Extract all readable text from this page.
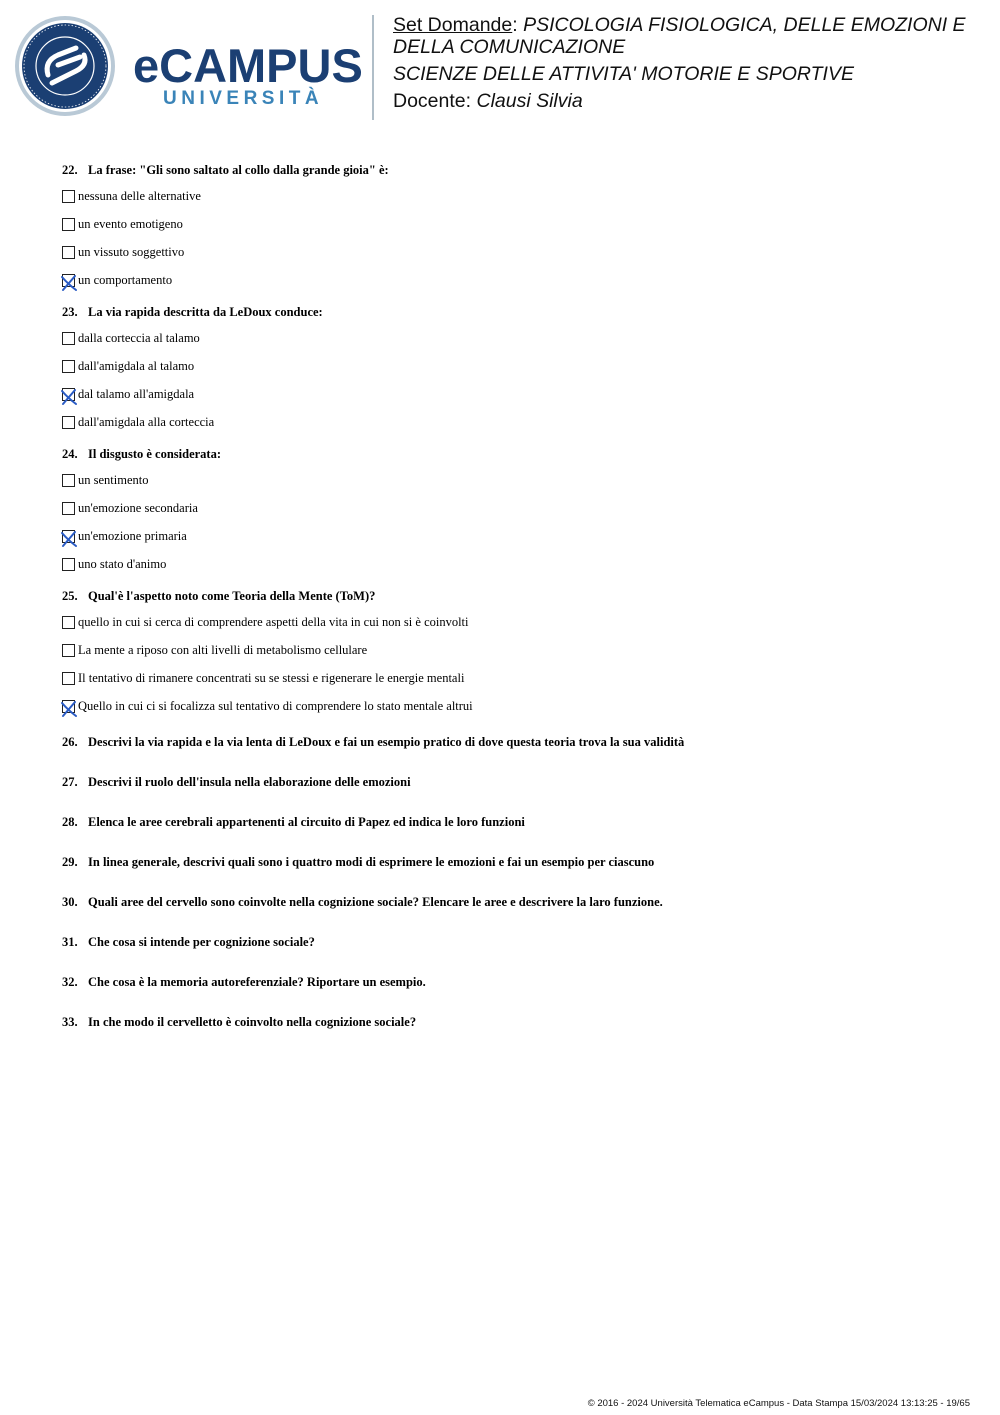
eCAMPUS
UNIVERSITÀ
Set Domande: PSICOLOGIA FISIOLOGICA, DELLE EMOZIONI E DELLA COMUNICAZIONE
SCIENZE DELLE ATTIVITA' MOTORIE E SPORTIVE
Docente: Clausi Silvia
22. La frase: "Gli sono saltato al collo dalla grande gioia" è:
nessuna delle alternative
un evento emotigeno
un vissuto soggettivo
un comportamento
23. La via rapida descritta da LeDoux conduce:
dalla corteccia al talamo
dall'amigdala al talamo
dal talamo all'amigdala
dall'amigdala alla corteccia
24. Il disgusto è considerata:
un sentimento
un'emozione secondaria
un'emozione primaria
uno stato d'animo
25. Qual'è l'aspetto noto come Teoria della Mente (ToM)?
quello in cui si cerca di comprendere aspetti della vita in cui non si è coinvolti
La mente a riposo con alti livelli di metabolismo cellulare
Il tentativo di rimanere concentrati su se stessi e rigenerare le energie mentali
Quello in cui ci si focalizza sul tentativo di comprendere lo stato mentale altrui
26. Descrivi la via rapida e la via lenta di LeDoux e fai un esempio pratico di dove questa teoria trova la sua validità
27. Descrivi il ruolo dell'insula nella elaborazione delle emozioni
28. Elenca le aree cerebrali appartenenti al circuito di Papez ed indica le loro funzioni
29. In linea generale, descrivi quali sono i quattro modi di esprimere le emozioni e fai un esempio per ciascuno
30. Quali aree del cervello sono coinvolte nella cognizione sociale? Elencare le aree e descrivere la laro funzione.
31. Che cosa si intende per cognizione sociale?
32. Che cosa è la memoria autoreferenziale? Riportare un esempio.
33. In che modo il cervelletto è coinvolto nella cognizione sociale?
© 2016 - 2024 Università Telematica eCampus - Data Stampa 15/03/2024 13:13:25 - 19/65
